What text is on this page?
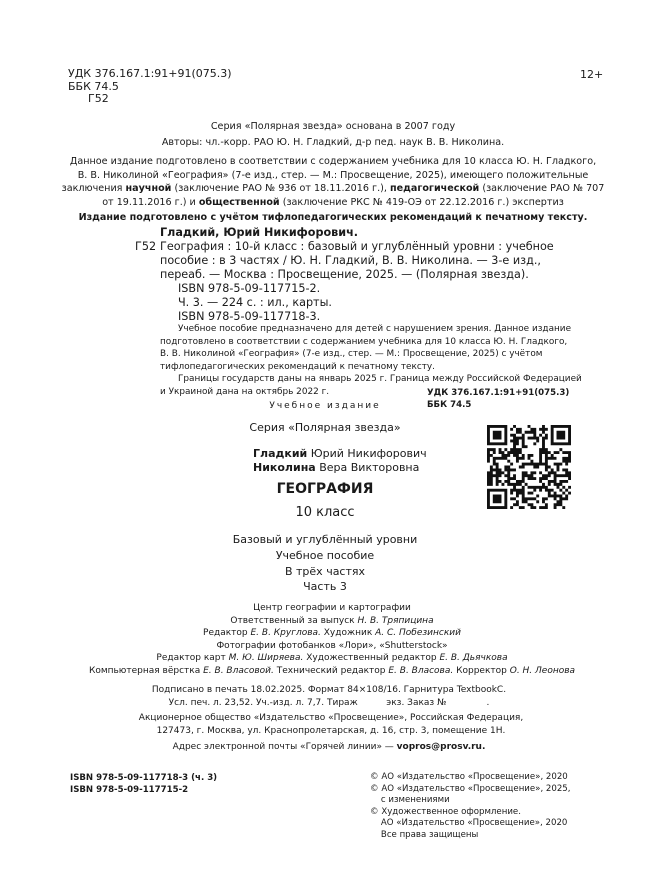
УДК 376.167.1:91+91(075.3)
ББК 74.5
Г52
12+
Серия «Полярная звезда» основана в 2007 году
Авторы: чл.-корр. РАО Ю. Н. Гладкий, д-р пед. наук В. В. Николина.
Данное издание подготовлено в соответствии с содержанием учебника для 10 класса Ю. Н. Гладкого,
В. В. Николиной «География» (7-е изд., стер. — М.: Просвещение, 2025), имеющего положительные
заключения научной (заключение РАО № 936 от 18.11.2016 г.), педагогической (заключение РАО № 707
от 19.11.2016 г.) и общественной (заключение РКС № 419-ОЭ от 22.12.2016 г.) экспертиз
Издание подготовлено с учётом тифлопедагогических рекомендаций к печатному тексту.
Гладкий, Юрий Никифорович.
Г52 География : 10-й класс : базовый и углублённый уровни : учебное
пособие : в 3 частях / Ю. Н. Гладкий, В. В. Николина. — 3-е изд.,
переаб. — Москва : Просвещение, 2025. — (Полярная звезда).
ISBN 978-5-09-117715-2.
Ч. 3. — 224 с. : ил., карты.
ISBN 978-5-09-117718-3.
Учебное пособие предназначено для детей с нарушением зрения. Данное издание
подготовлено в соответствии с содержанием учебника для 10 класса Ю. Н. Гладкого,
В. В. Николиной «География» (7-е изд., стер. — М.: Просвещение, 2025) с учётом
тифлопедагогических рекомендаций к печатному тексту.
Границы государств даны на январь 2025 г. Граница между Российской Федерацией
и Украиной дана на октябрь 2022 г.	УДК 376.167.1:91+91(075.3)
ББК 74.5
Учебное издание
Серия «Полярная звезда»
Гладкий Юрий Никифорович
Николина Вера Викторовна
ГЕОГРАФИЯ
10 класс
Базовый и углублённый уровни
Учебное пособие
В трёх частях
Часть 3
Центр географии и картографии
Ответственный за выпуск Н. В. Тряпицина
Редактор Е. В. Круглова. Художник А. С. Побезинский
Фотографии фотобанков «Лори», «Shutterstock»
Редактор карт М. Ю. Ширяева. Художественный редактор Е. В. Дьячкова
Компьютерная вёрстка Е. В. Власовой. Технический редактор Е. В. Власова. Корректор О. Н. Леонова
Подписано в печать 18.02.2025. Формат 84×108/16. Гарнитура TextbookC.
Усл. печ. л. 23,52. Уч.-изд. л. 7,7. Тираж          экз. Заказ №              .
Акционерное общество «Издательство «Просвещение», Российская Федерация,
127473, г. Москва, ул. Краснопролетарская, д. 16, стр. 3, помещение 1Н.
Адрес электронной почты «Горячей линии» — vopros@prosv.ru.
ISBN 978-5-09-117718-3 (ч. 3)
ISBN 978-5-09-117715-2
© АО «Издательство «Просвещение», 2020
© АО «Издательство «Просвещение», 2025,
с изменениями
© Художественное оформление.
АО «Издательство «Просвещение», 2020
Все права защищены
